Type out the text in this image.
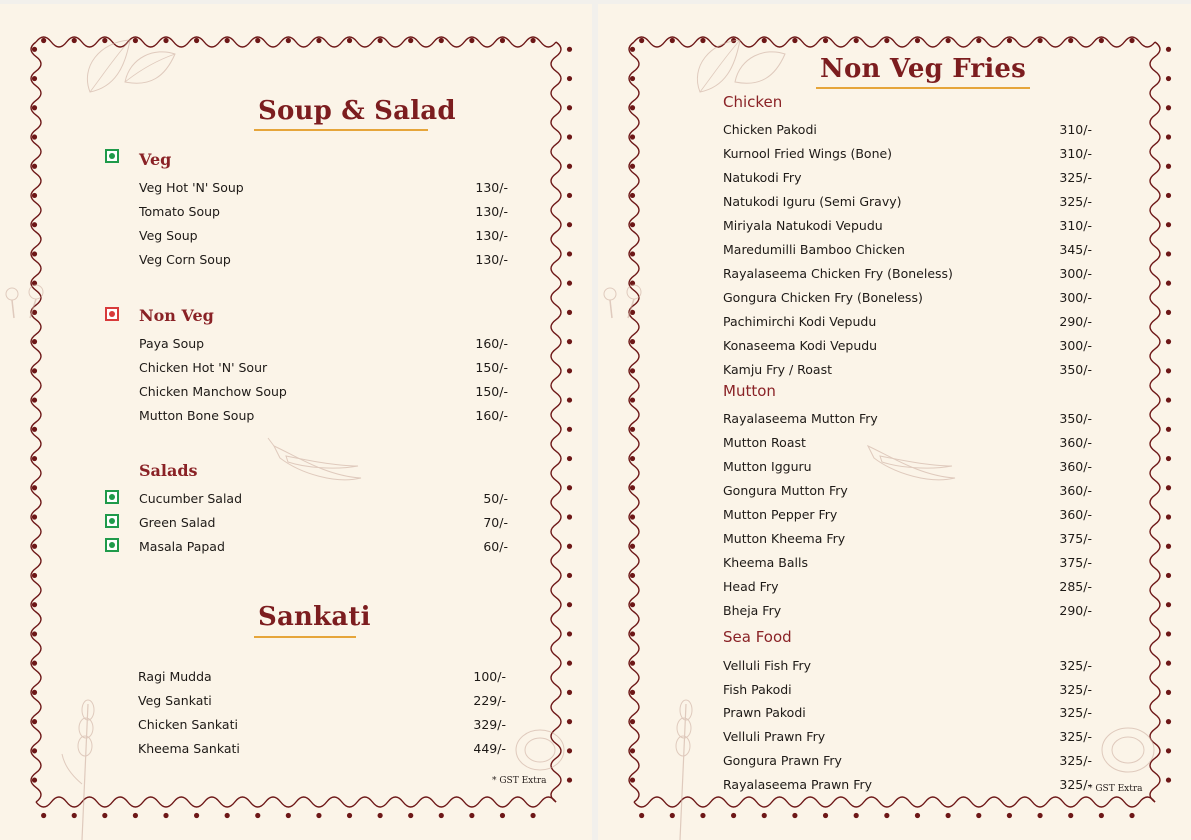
Soup & Salad
Veg
Veg Hot 'N' Soup	130/-
Tomato Soup	130/-
Veg Soup	130/-
Veg Corn Soup	130/-
Non Veg
Paya Soup	160/-
Chicken Hot 'N' Sour	150/-
Chicken Manchow Soup	150/-
Mutton Bone Soup	160/-
Salads
Cucumber Salad	50/-
Green Salad	70/-
Masala Papad	60/-
Sankati
Ragi Mudda	100/-
Veg Sankati	229/-
Chicken Sankati	329/-
Kheema Sankati	449/-
* GST Extra
Non Veg Fries
Chicken
Chicken Pakodi	310/-
Kurnool Fried Wings (Bone)	310/-
Natukodi Fry	325/-
Natukodi Iguru (Semi Gravy)	325/-
Miriyala Natukodi Vepudu	310/-
Maredumilli Bamboo Chicken	345/-
Rayalaseema Chicken Fry (Boneless)	300/-
Gongura Chicken Fry (Boneless)	300/-
Pachimirchi Kodi Vepudu	290/-
Konaseema Kodi Vepudu	300/-
Kamju Fry / Roast	350/-
Mutton
Rayalaseema Mutton Fry	350/-
Mutton Roast	360/-
Mutton Igguru	360/-
Gongura Mutton Fry	360/-
Mutton Pepper Fry	360/-
Mutton Kheema Fry	375/-
Kheema Balls	375/-
Head Fry	285/-
Bheja Fry	290/-
Sea Food
Velluli Fish Fry	325/-
Fish Pakodi	325/-
Prawn Pakodi	325/-
Velluli Prawn Fry	325/-
Gongura Prawn Fry	325/-
Rayalaseema Prawn Fry	325/-
* GST Extra
